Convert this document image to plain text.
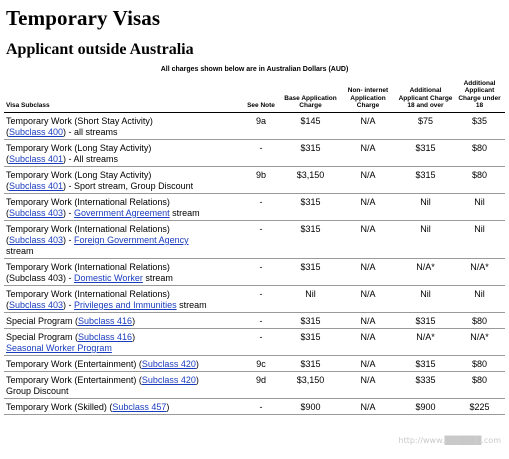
Temporary Visas
Applicant outside Australia
All charges shown below are in Australian Dollars (AUD)
Visa Subclass	See Note	Base Application Charge	Non- internet Application Charge	Additional Applicant Charge 18 and over	Additional Applicant Charge under 18
Temporary Work (Short Stay Activity)
(Subclass 400) - all streams	9a	$145	N/A	$75	$35
Temporary Work (Long Stay Activity)
(Subclass 401) - All streams	-	$315	N/A	$315	$80
Temporary Work (Long Stay Activity)
(Subclass 401) - Sport stream, Group Discount	9b	$3,150	N/A	$315	$80
Temporary Work (International Relations)
(Subclass 403) - Government Agreement stream	-	$315	N/A	Nil	Nil
Temporary Work (International Relations)
(Subclass 403) - Foreign Government Agency
stream	-	$315	N/A	Nil	Nil
Temporary Work (International Relations)
(Subclass 403) - Domestic Worker stream	-	$315	N/A	N/A*	N/A*
Temporary Work (International Relations)
(Subclass 403) - Privileges and Immunities stream	-	Nil	N/A	Nil	Nil
Special Program (Subclass 416)	-	$315	N/A	$315	$80
Special Program (Subclass 416)
Seasonal Worker Program	-	$315	N/A	N/A*	N/A*
Temporary Work (Entertainment) (Subclass 420)	9c	$315	N/A	$315	$80
Temporary Work (Entertainment) (Subclass 420)
Group Discount	9d	$3,150	N/A	$335	$80
Temporary Work (Skilled) (Subclass 457)	-	$900	N/A	$900	$225
http://www.██████.com
